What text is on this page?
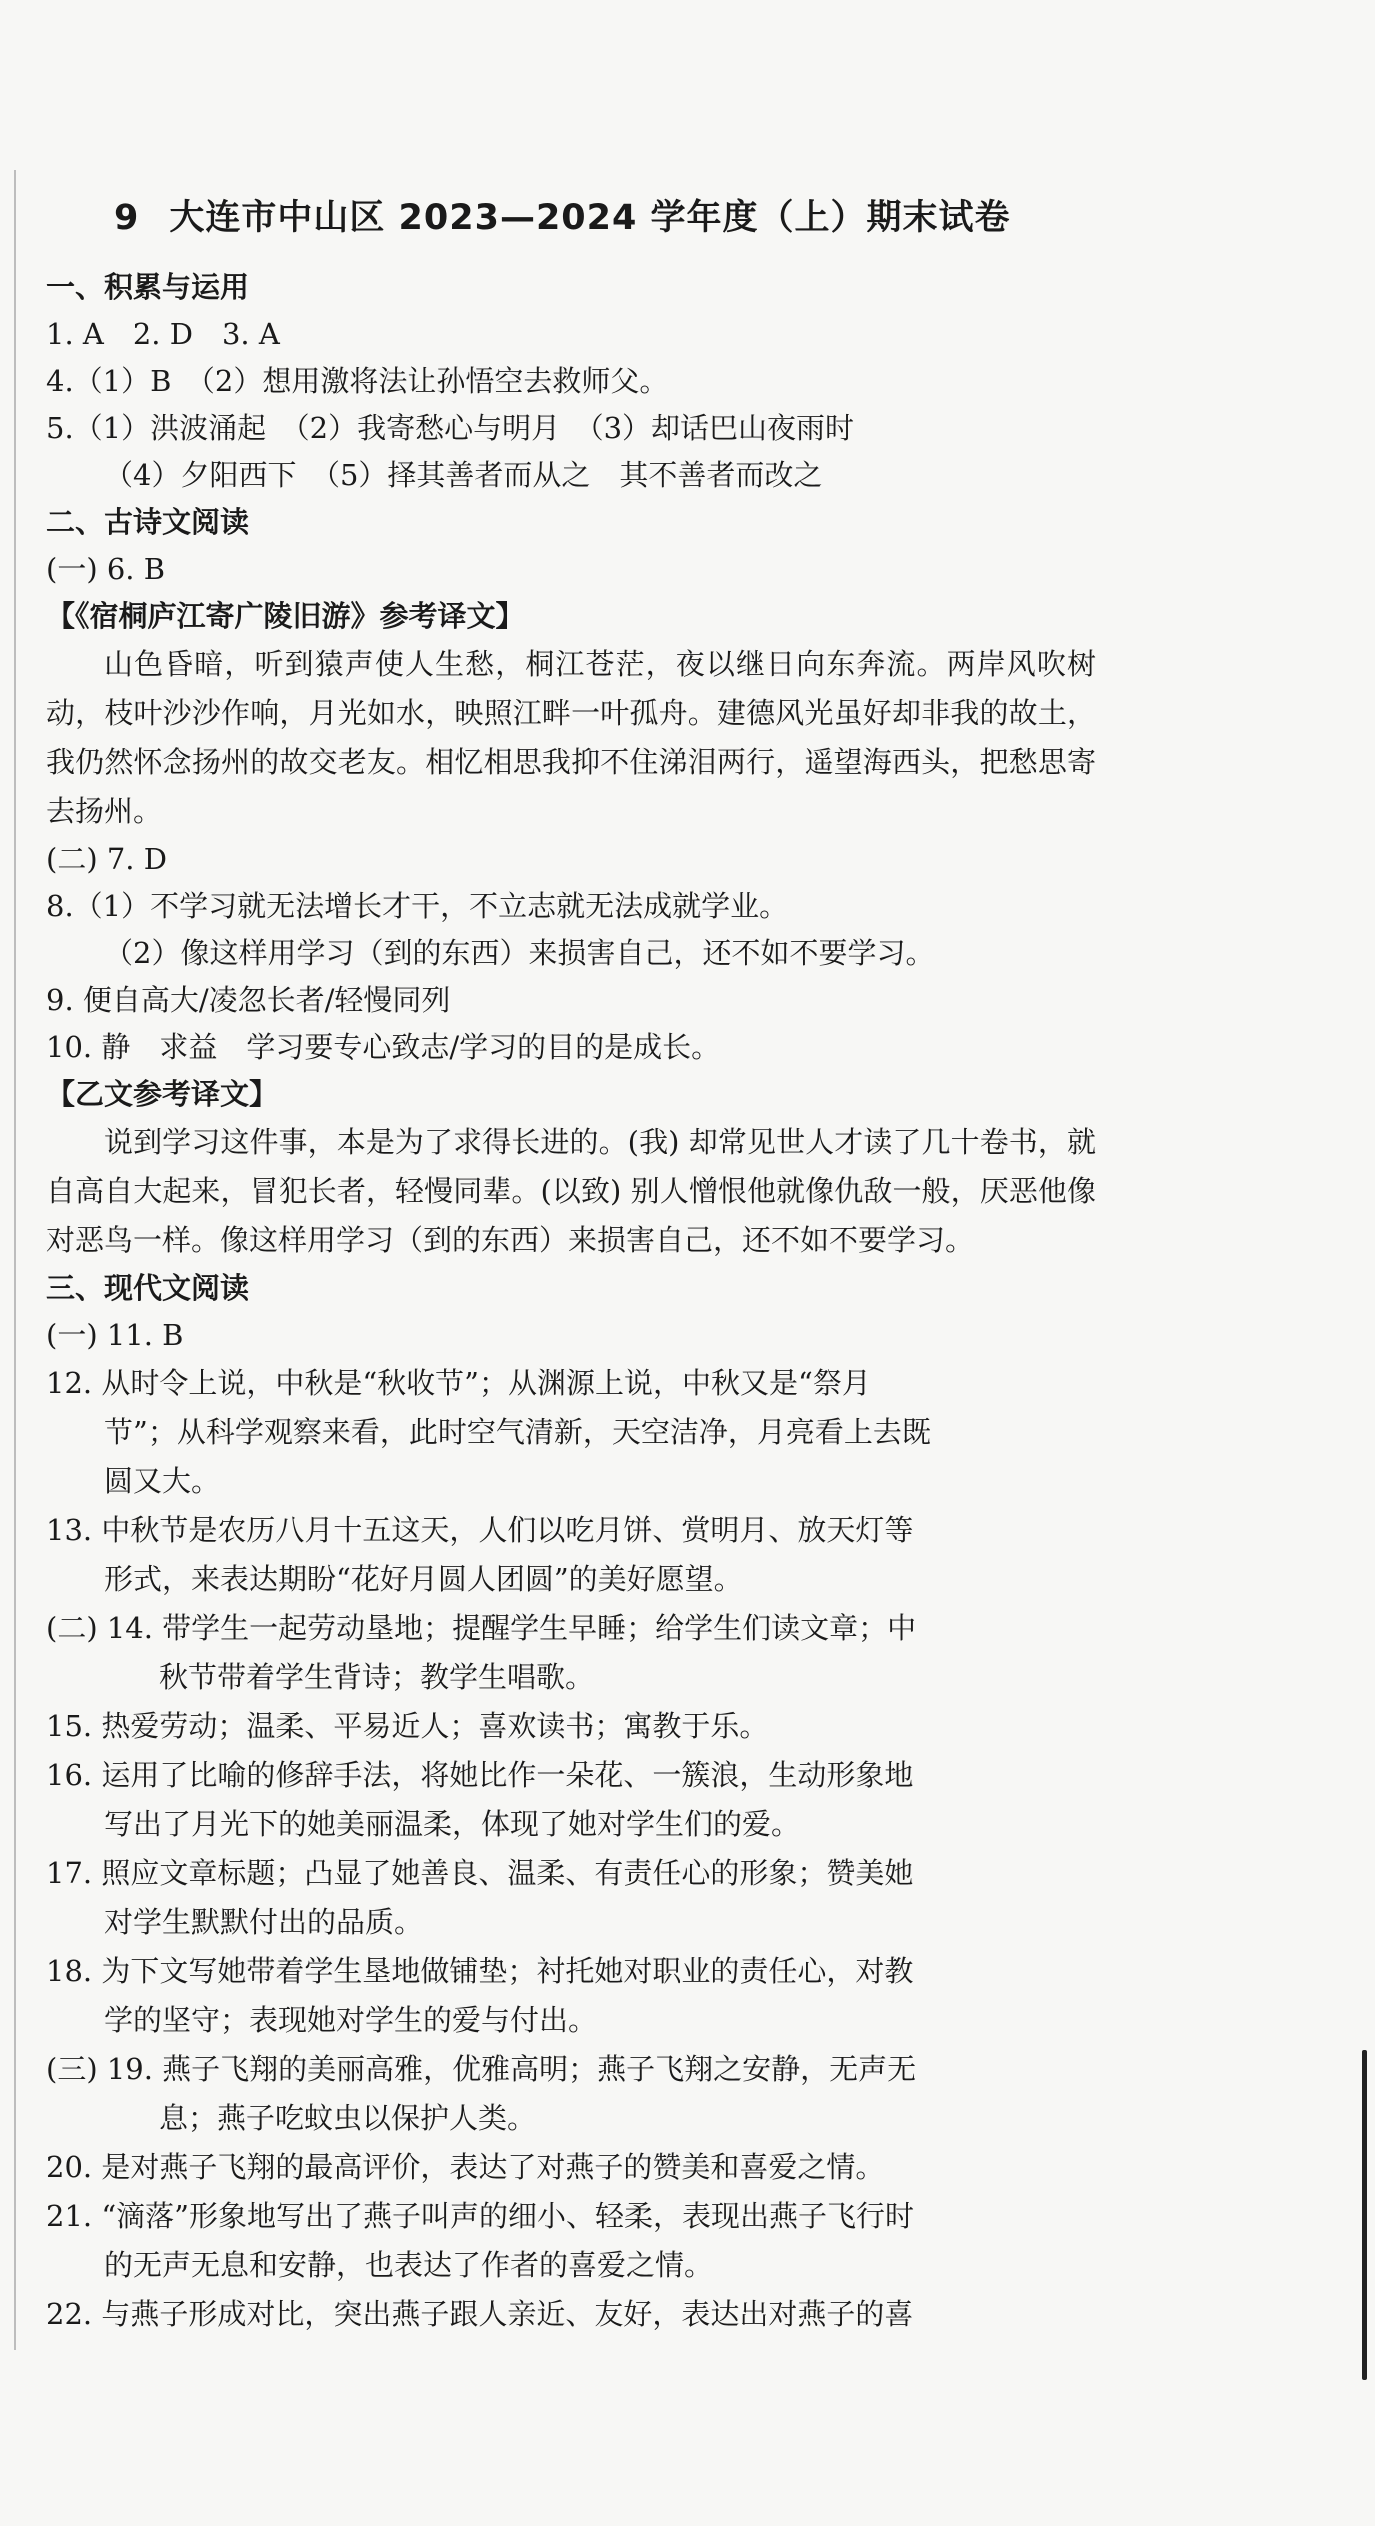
9 大连市中山区 2023—2024 学年度（上）期末试卷
一、积累与运用
1. A　2. D　3. A
4.（1）B　（2）想用激将法让孙悟空去救师父。
5.（1）洪波涌起　（2）我寄愁心与明月　（3）却话巴山夜雨时
（4）夕阳西下　（5）择其善者而从之　其不善者而改之
二、古诗文阅读
(一) 6. B
【《宿桐庐江寄广陵旧游》参考译文】
山色昏暗，听到猿声使人生愁，桐江苍茫，夜以继日向东奔流。两岸风吹树动，枝叶沙沙作响，月光如水，映照江畔一叶孤舟。建德风光虽好却非我的故土，我仍然怀念扬州的故交老友。相忆相思我抑不住涕泪两行，遥望海西头，把愁思寄去扬州。
(二) 7. D
8.（1）不学习就无法增长才干，不立志就无法成就学业。
（2）像这样用学习（到的东西）来损害自己，还不如不要学习。
9. 便自高大/凌忽长者/轻慢同列
10. 静　求益　学习要专心致志/学习的目的是成长。
【乙文参考译文】
说到学习这件事，本是为了求得长进的。(我) 却常见世人才读了几十卷书，就自高自大起来，冒犯长者，轻慢同辈。(以致) 别人憎恨他就像仇敌一般，厌恶他像对恶鸟一样。像这样用学习（到的东西）来损害自己，还不如不要学习。
三、现代文阅读
(一) 11. B
12. 从时令上说，中秋是“秋收节”；从渊源上说，中秋又是“祭月
节”；从科学观察来看，此时空气清新，天空洁净，月亮看上去既
圆又大。
13. 中秋节是农历八月十五这天，人们以吃月饼、赏明月、放天灯等
形式，来表达期盼“花好月圆人团圆”的美好愿望。
(二) 14. 带学生一起劳动垦地；提醒学生早睡；给学生们读文章；中
秋节带着学生背诗；教学生唱歌。
15. 热爱劳动；温柔、平易近人；喜欢读书；寓教于乐。
16. 运用了比喻的修辞手法，将她比作一朵花、一簇浪，生动形象地
写出了月光下的她美丽温柔，体现了她对学生们的爱。
17. 照应文章标题；凸显了她善良、温柔、有责任心的形象；赞美她
对学生默默付出的品质。
18. 为下文写她带着学生垦地做铺垫；衬托她对职业的责任心，对教
学的坚守；表现她对学生的爱与付出。
(三) 19. 燕子飞翔的美丽高雅，优雅高明；燕子飞翔之安静，无声无
息；燕子吃蚊虫以保护人类。
20. 是对燕子飞翔的最高评价，表达了对燕子的赞美和喜爱之情。
21. “滴落”形象地写出了燕子叫声的细小、轻柔，表现出燕子飞行时
的无声无息和安静，也表达了作者的喜爱之情。
22. 与燕子形成对比，突出燕子跟人亲近、友好，表达出对燕子的喜
